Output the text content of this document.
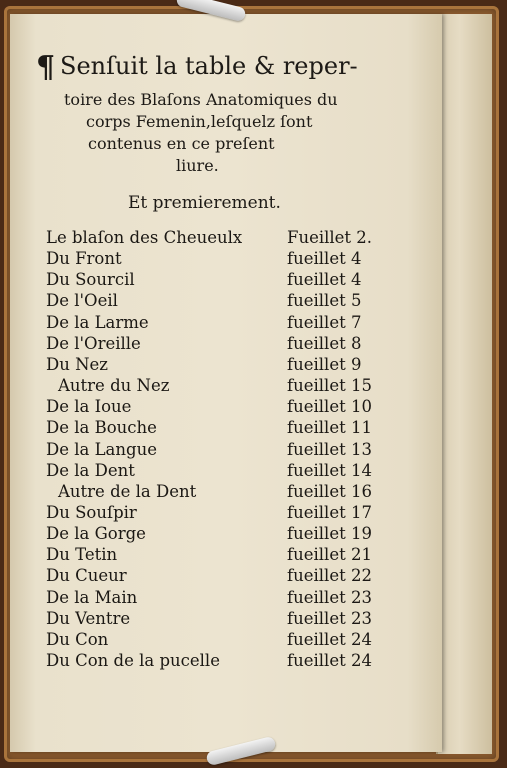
¶ Senſuit la table & reper-
toire des Blaſons Anatomiques du
corps Femenin,leſquelz ſont
contenus en ce preſent
liure.
Et premierement.
Le blaſon des Cheueulx	Fueillet 2.
Du Front	fueillet 4
Du Sourcil	fueillet 4
De l'Oeil	fueillet 5
De la Larme	fueillet 7
De l'Oreille	fueillet 8
Du Nez	fueillet 9
Autre du Nez	fueillet 15
De la Ioue	fueillet 10
De la Bouche	fueillet 11
De la Langue	fueillet 13
De la Dent	fueillet 14
Autre de la Dent	fueillet 16
Du Souſpir	fueillet 17
De la Gorge	fueillet 19
Du Tetin	fueillet 21
Du Cueur	fueillet 22
De la Main	fueillet 23
Du Ventre	fueillet 23
Du Con	fueillet 24
Du Con de la pucelle	fueillet 24
